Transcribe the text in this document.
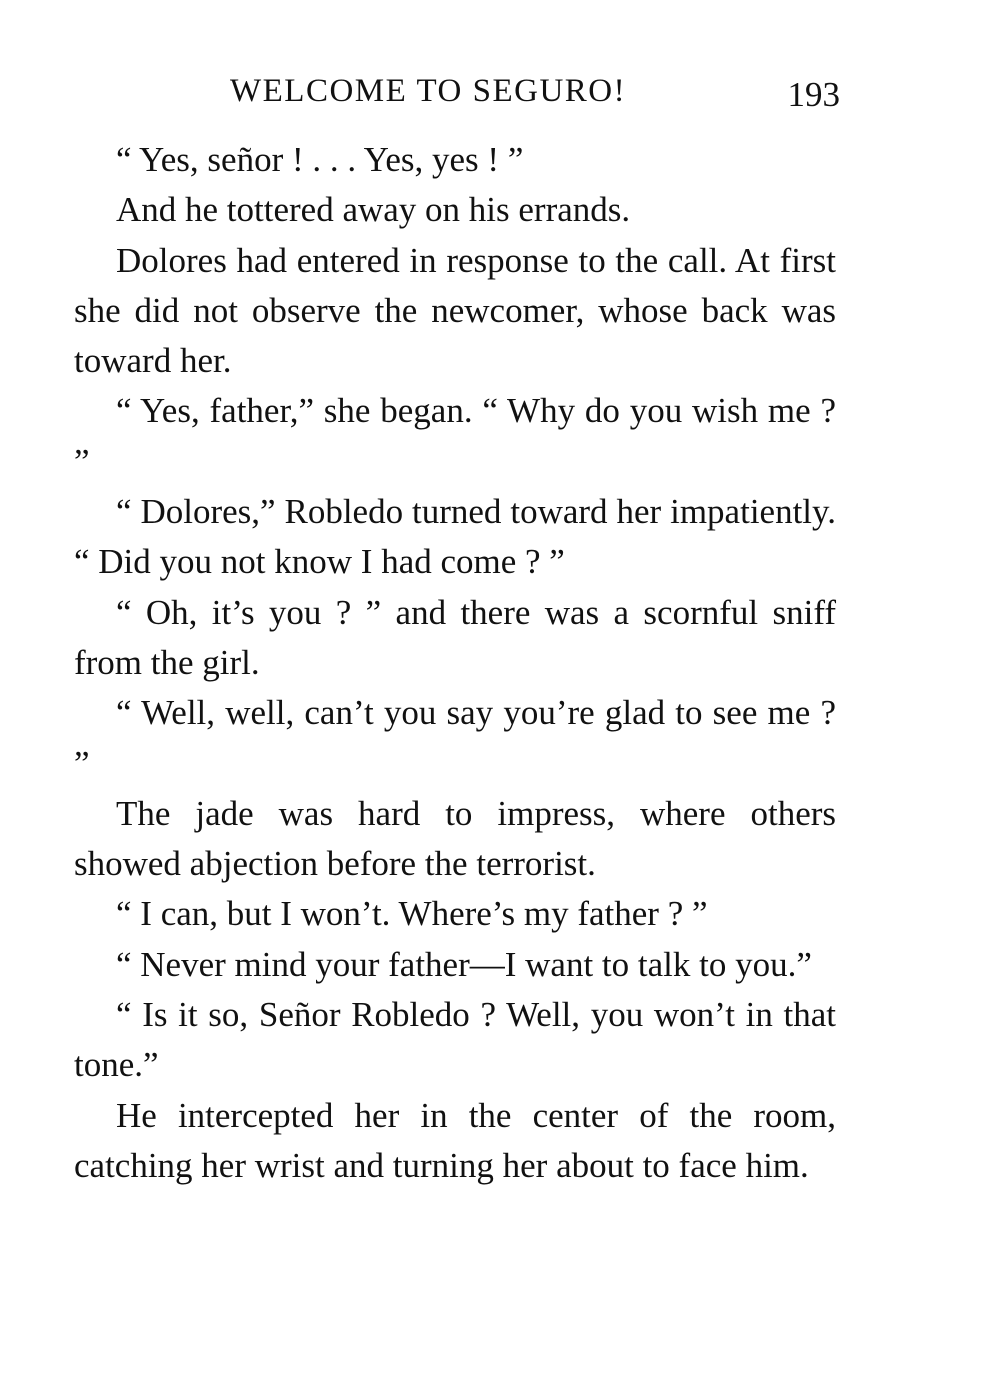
WELCOME TO SEGURO!	193

“ Yes, señor ! . . . Yes, yes ! ”

And he tottered away on his errands.

Dolores had entered in response to the call. At first she did not observe the newcomer, whose back was toward her.

“ Yes, father,” she began. “ Why do you wish me ? ”

“ Dolores,” Robledo turned toward her impatiently. “ Did you not know I had come ? ”

“ Oh, it’s you ? ” and there was a scornful sniff from the girl.

“ Well, well, can’t you say you’re glad to see me ? ”

The jade was hard to impress, where others showed abjection before the terrorist.

“ I can, but I won’t. Where’s my father ? ”

“ Never mind your father—I want to talk to you.”

“ Is it so, Señor Robledo ? Well, you won’t in that tone.”

He intercepted her in the center of the room, catching her wrist and turning her about to face him.
